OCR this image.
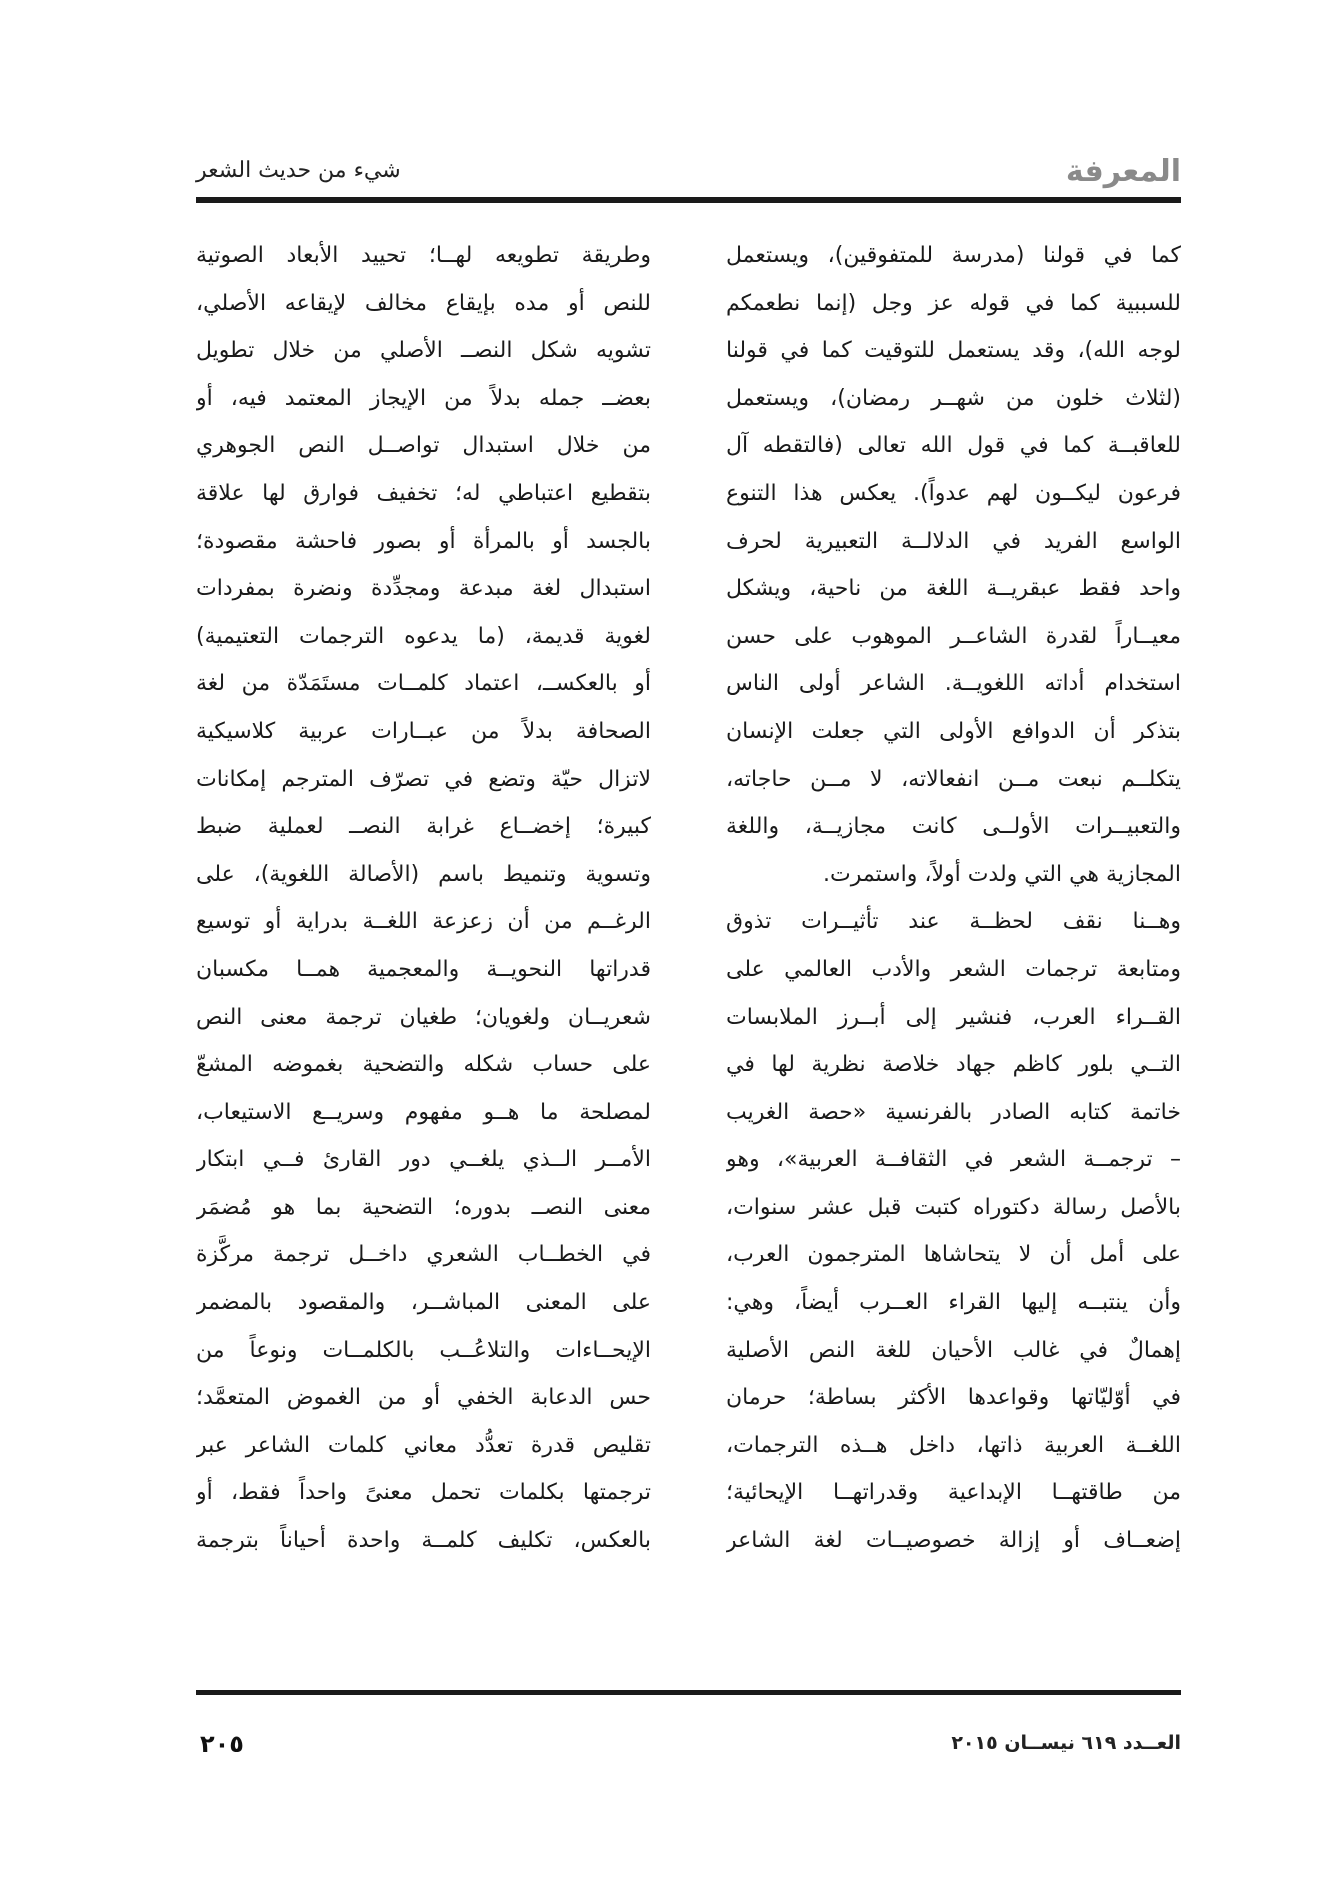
المعرفة
شيء من حديث الشعر
كما في قولنا (مدرسة للمتفوقين)، ويستعمل
للسببية كما في قوله عز وجل (إنما نطعمكم
لوجه الله)، وقد يستعمل للتوقيت كما في قولنا
(لثلاث خلون من شهــر رمضان)، ويستعمل
للعاقبــة كما في قول الله تعالى (فالتقطه آل
فرعون ليكــون لهم عدواً). يعكس هذا التنوع
الواسع الفريد في الدلالــة التعبيرية لحرف
واحد فقط عبقريــة اللغة من ناحية، ويشكل
معيــاراً لقدرة الشاعــر الموهوب على حسن
استخدام أداته اللغويــة. الشاعر أولى الناس
بتذكر أن الدوافع الأولى التي جعلت الإنسان
يتكلــم نبعت مــن انفعالاته، لا مــن حاجاته،
والتعبيــرات الأولــى كانت مجازيــة، واللغة
المجازية هي التي ولدت أولاً، واستمرت.
وهــنا نقف لحظــة عند تأثيــرات تذوق
ومتابعة ترجمات الشعر والأدب العالمي على
القــراء العرب، فنشير إلى أبــرز الملابسات
التــي بلور كاظم جهاد خلاصة نظرية لها في
خاتمة كتابه الصادر بالفرنسية «حصة الغريب
– ترجمــة الشعر في الثقافــة العربية»، وهو
بالأصل رسالة دكتوراه كتبت قبل عشر سنوات،
على أمل أن لا يتحاشاها المترجمون العرب،
وأن ينتبــه إليها القراء العــرب أيضاً، وهي:
إهمالٌ في غالب الأحيان للغة النص الأصلية
في أوّليّاتها وقواعدها الأكثر بساطة؛ حرمان
اللغــة العربية ذاتها، داخل هــذه الترجمات،
من طاقتهــا الإبداعية وقدراتهــا الإيحائية؛
إضعــاف أو إزالة خصوصيــات لغة الشاعر
وطريقة تطويعه لهــا؛ تحييد الأبعاد الصوتية
للنص أو مده بإيقاع مخالف لإيقاعه الأصلي،
تشويه شكل النصــ الأصلي من خلال تطويل
بعضــ جمله بدلاً من الإيجاز المعتمد فيه، أو
من خلال استبدال تواصــل النص الجوهري
بتقطيع اعتباطي له؛ تخفيف فوارق لها علاقة
بالجسد أو بالمرأة أو بصور فاحشة مقصودة؛
استبدال لغة مبدعة ومجدِّدة ونضرة بمفردات
لغوية قديمة، (ما يدعوه الترجمات التعتيمية)
أو بالعكســ، اعتماد كلمــات مستَمَدّة من لغة
الصحافة بدلاً من عبــارات عربية كلاسيكية
لاتزال حيّة وتضع في تصرّف المترجم إمكانات
كبيرة؛ إخضــاع غرابة النصــ لعملية ضبط
وتسوية وتنميط باسم (الأصالة اللغوية)، على
الرغــم من أن زعزعة اللغــة بدراية أو توسيع
قدراتها النحويــة والمعجمية همــا مكسبان
شعريــان ولغويان؛ طغيان ترجمة معنى النص
على حساب شكله والتضحية بغموضه المشعّ
لمصلحة ما هــو مفهوم وسريــع الاستيعاب،
الأمــر الــذي يلغــي دور القارئ فــي ابتكار
معنى النصــ بدوره؛ التضحية بما هو مُضمَر
في الخطــاب الشعري داخــل ترجمة مركَّزة
على المعنى المباشــر، والمقصود بالمضمر
الإيحــاءات والتلاعُــب بالكلمــات ونوعاً من
حس الدعابة الخفي أو من الغموض المتعمَّد؛
تقليص قدرة تعدُّد معاني كلمات الشاعر عبر
ترجمتها بكلمات تحمل معنىً واحداً فقط، أو
بالعكس، تكليف كلمــة واحدة أحياناً بترجمة
العــدد ٦١٩ نيســان ٢٠١٥
٢٠٥
